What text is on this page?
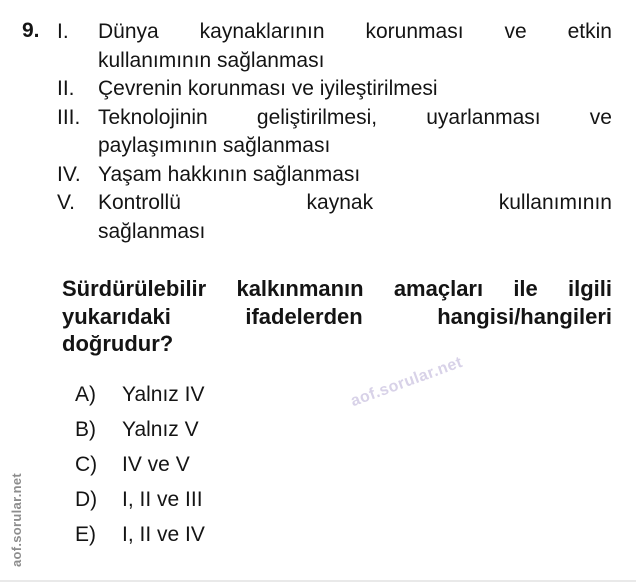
9. I.	Dünya kaynaklarının korunması ve etkin
kullanımının sağlanması
II.	Çevrenin korunması ve iyileştirilmesi
III. Teknolojinin geliştirilmesi, uyarlanması ve
paylaşımının sağlanması
IV. Yaşam hakkının sağlanması
V.	Kontrollü	kaynak	kullanımının
sağlanması
Sürdürülebilir kalkınmanın amaçları ile ilgili
yukarıdaki	ifadelerden	hangisi/hangileri
doğrudur?
A)	Yalnız IV
B)	Yalnız V
C)	IV ve V
D)	I, II ve III
E)	I, II ve IV
aof.sorular.net
aof.sorular.net
